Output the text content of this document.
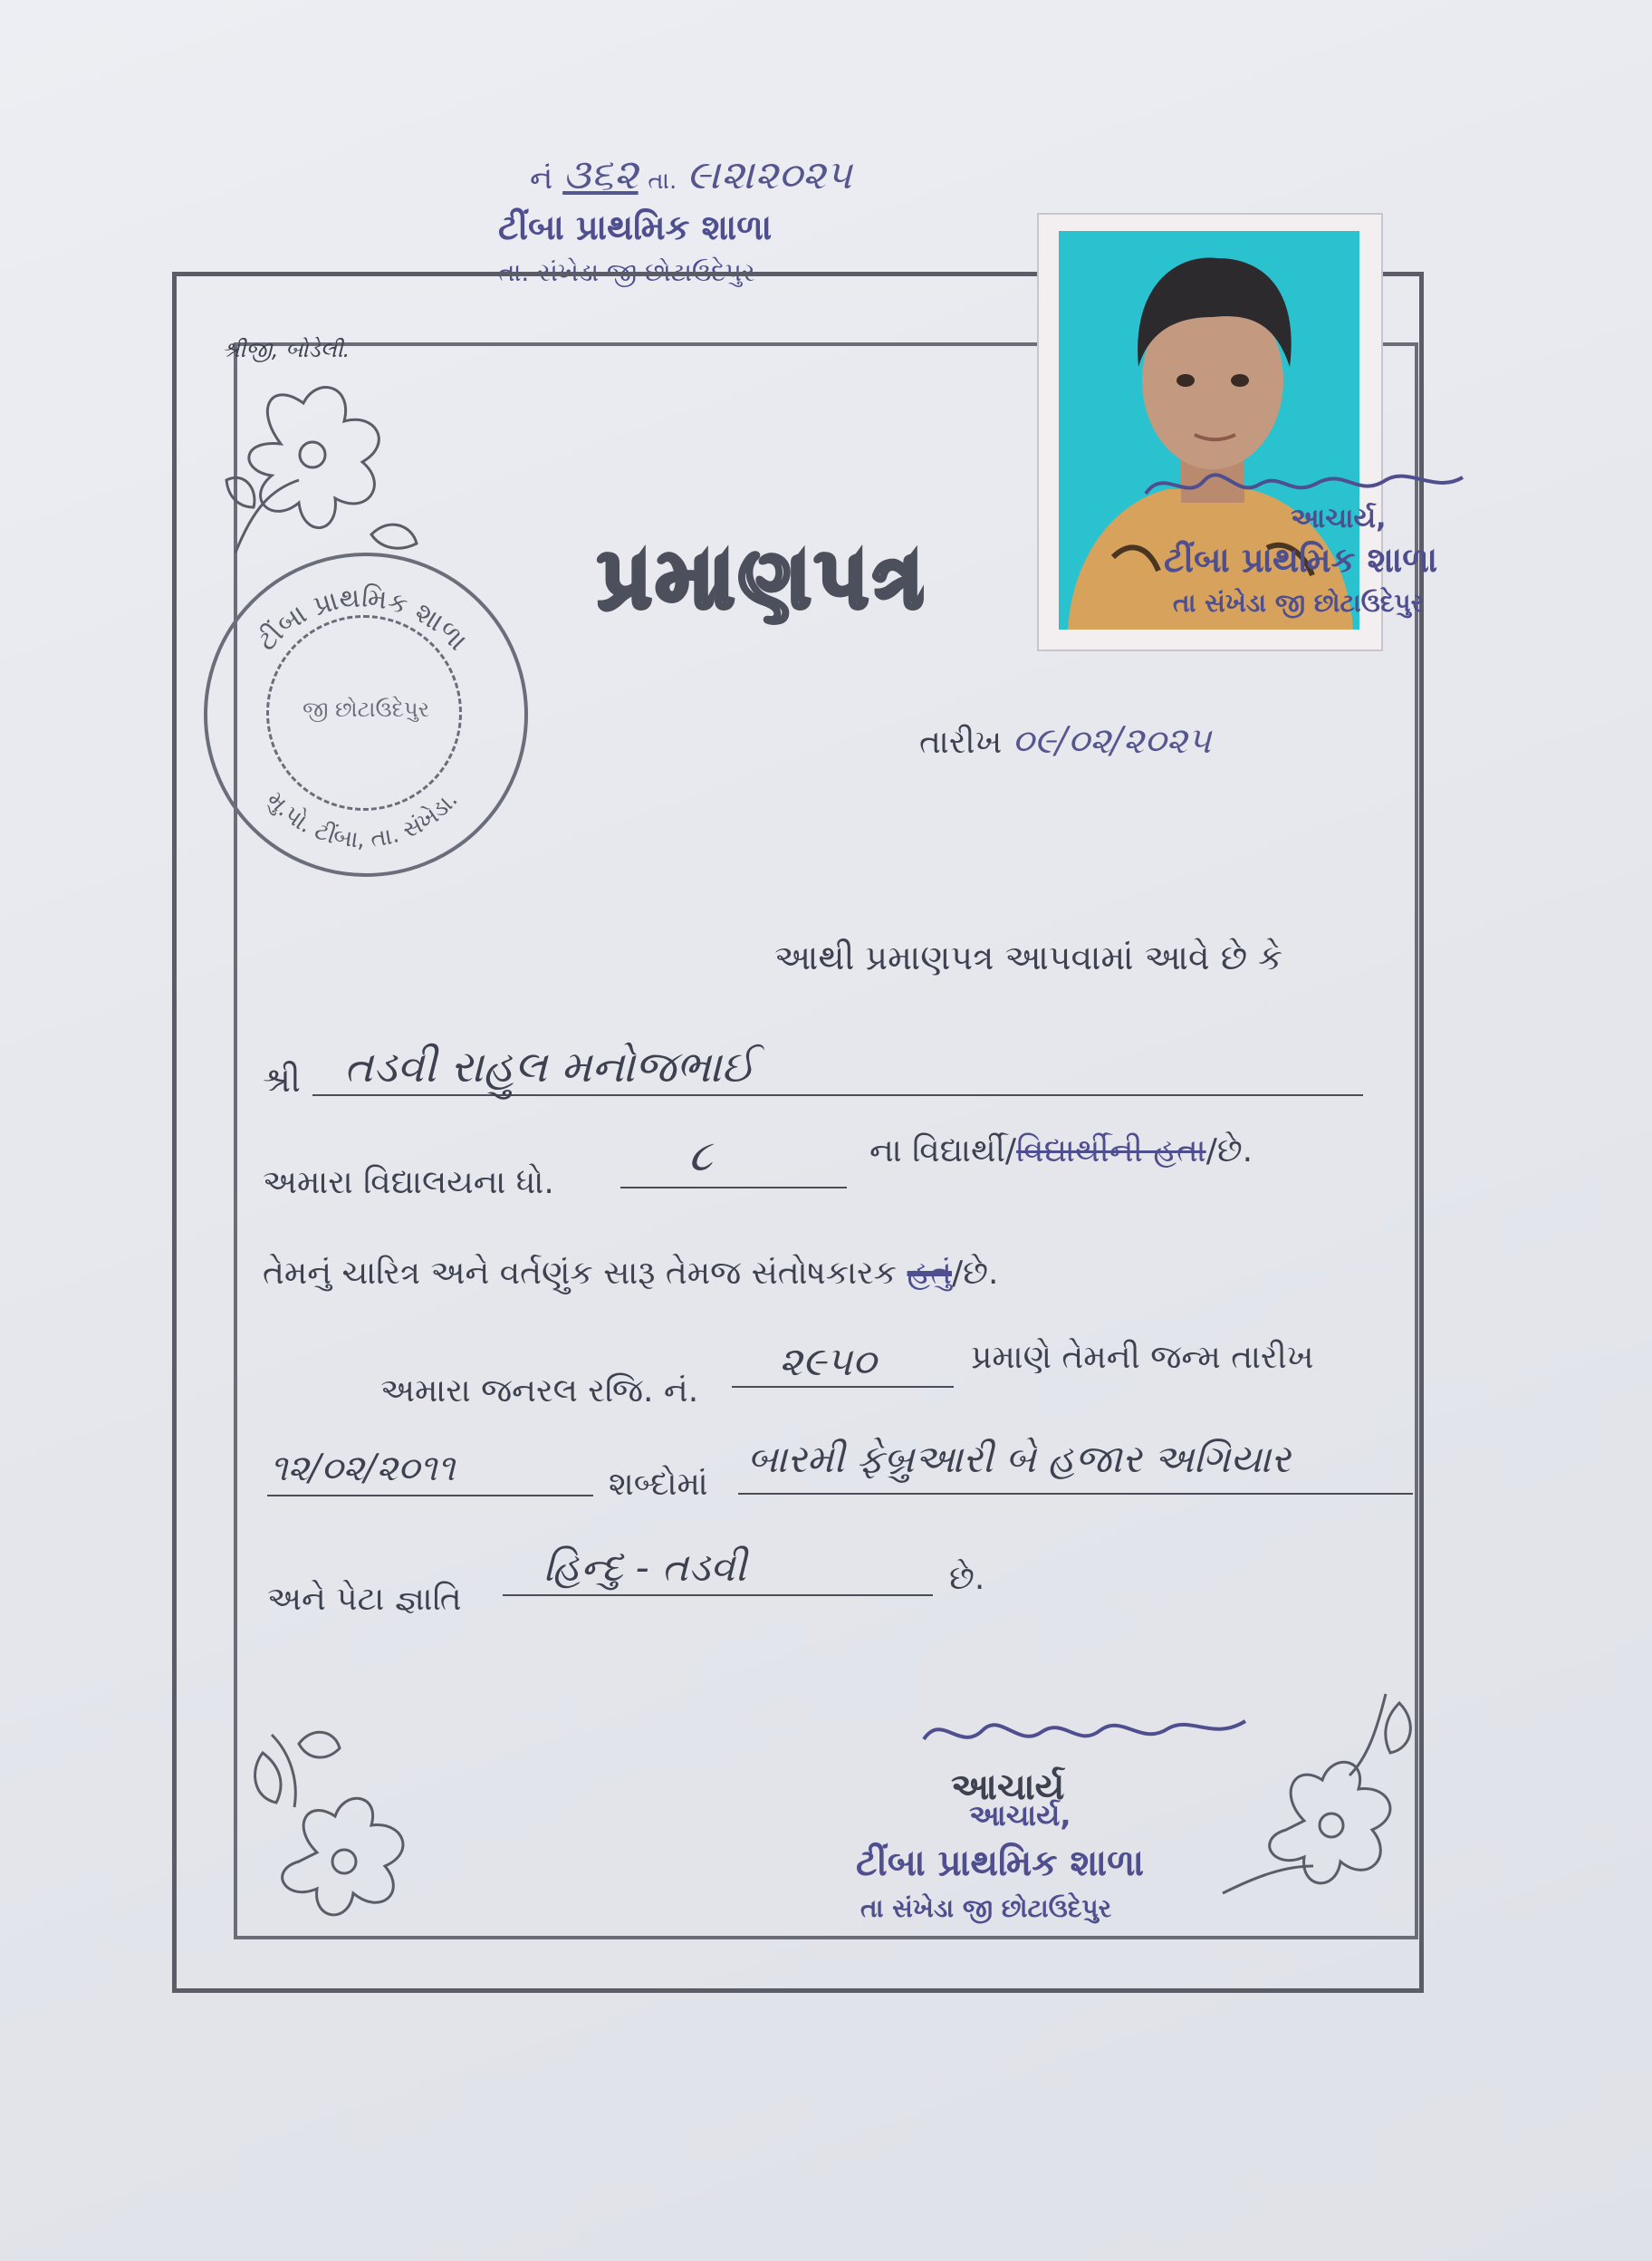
નં ૩૬૨ તા. ૯।૨।૨૦૨૫
ટીંબા પ્રાથમિક શાળા
તા. સંખેડા જી છોટાઉદેપુર
શ્રીજી, બોડેલી.
પ્રમાણપત્ર
ટીંબા પ્રાથમિક શાળા
મુ.પો. ટીંબા, તા. સંખેડા.
જી છોટાઉદેપુર
આચાર્ય,
ટીંબા પ્રાથમિક શાળા
તા સંખેડા જી છોટાઉદેપુર
તારીખ ૦૯/૦૨/૨૦૨૫
આથી પ્રમાણપત્ર આપવામાં આવે છે કે
શ્રી તડવી રાહુલ મનોજભાઈ
અમારા વિદ્યાલયના ધો.
૮	ના વિદ્યાર્થી/વિદ્યાર્થીની હતા/છે.
તેમનું ચારિત્ર અને વર્તણુંક સારૂ તેમજ સંતોષકારક હતું/છે.
અમારા જનરલ રજિ. નં.
૨૯૫૦	પ્રમાણે તેમની જન્મ તારીખ
૧૨/૦૨/૨૦૧૧	શબ્દોમાં
બારમી ફેબ્રુઆરી બે હજાર અગિયાર
અને પેટા જ્ઞાતિ
હિન્દુ - તડવી	છે.
આચાર્ય
આચાર્ય,
ટીંબા પ્રાથમિક શાળા
તા સંખેડા જી છોટાઉદેપુર
